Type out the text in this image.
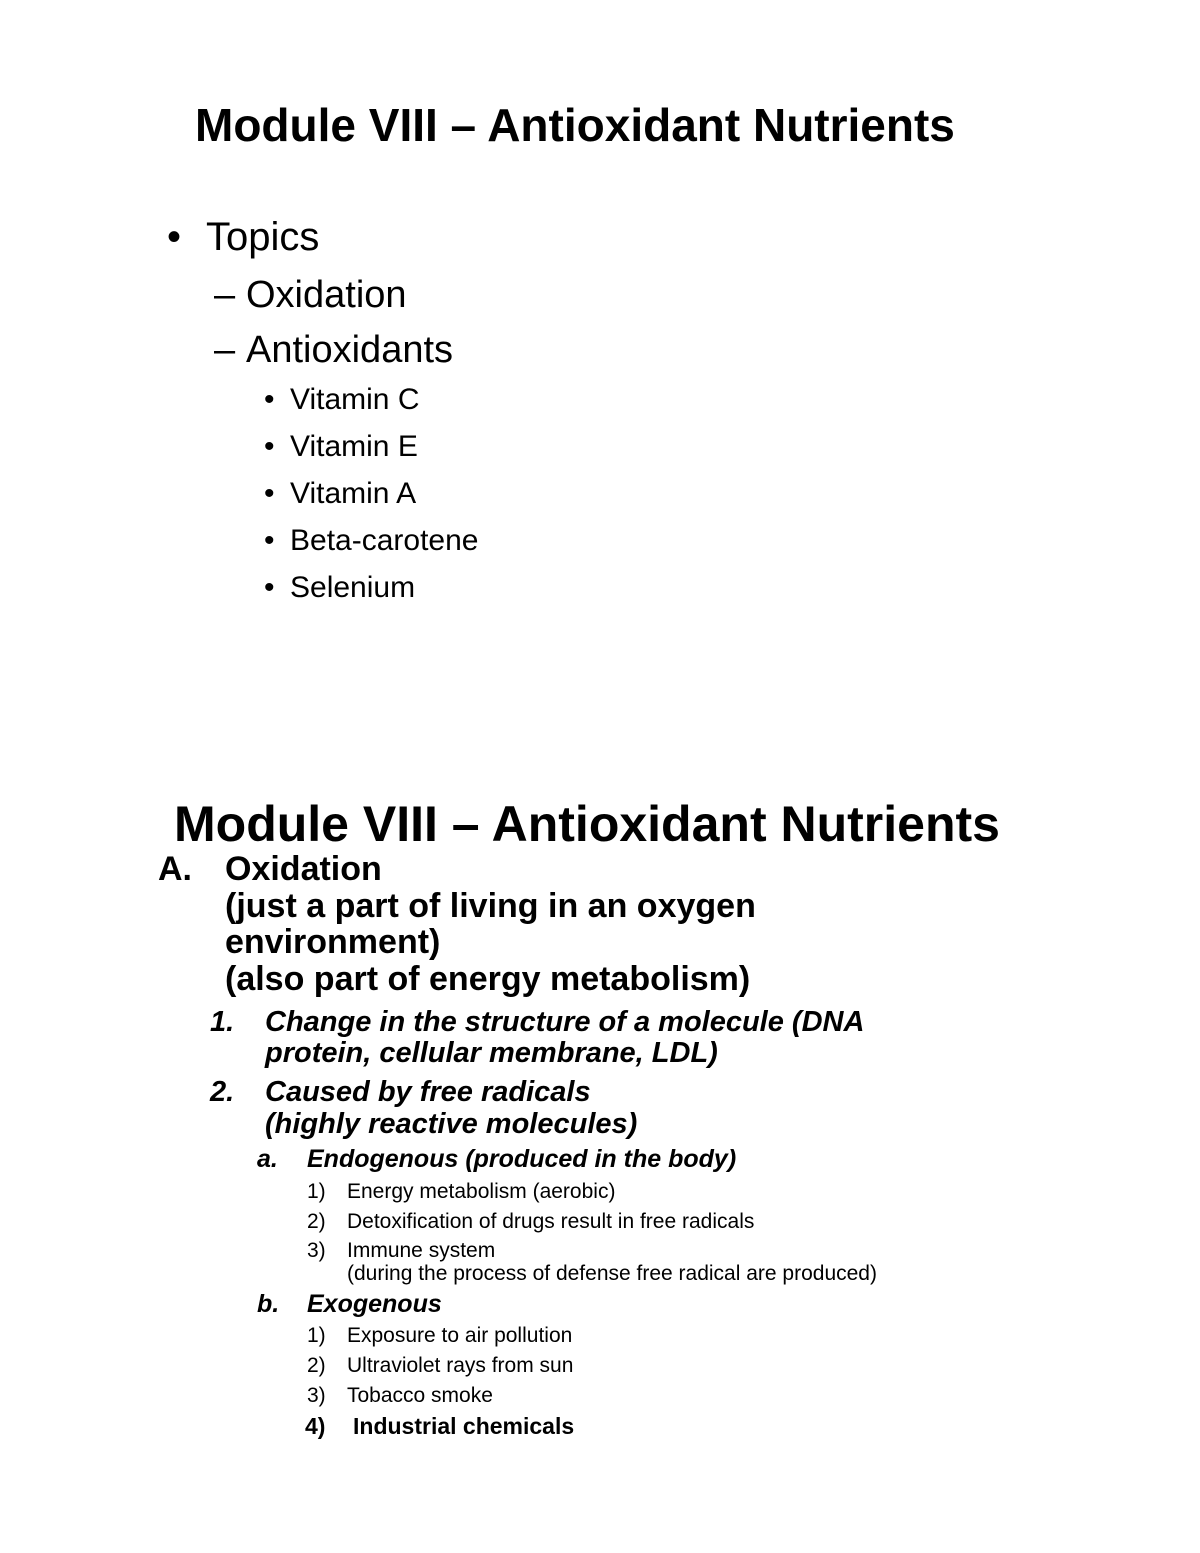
Module VIII – Antioxidant Nutrients
• Topics
– Oxidation
– Antioxidants
• Vitamin C
• Vitamin E
• Vitamin A
• Beta-carotene
• Selenium
Module VIII – Antioxidant Nutrients
A. Oxidation
(just a part of living in an oxygen
environment)
(also part of energy metabolism)
1. Change in the structure of a molecule (DNA
protein, cellular membrane, LDL)
2. Caused by free radicals
(highly reactive molecules)
a. Endogenous (produced in the body)
1) Energy metabolism (aerobic)
2) Detoxification of drugs result in free radicals
3) Immune system
(during the process of defense free radical are produced)
b. Exogenous
1) Exposure to air pollution
2) Ultraviolet rays from sun
3) Tobacco smoke
4) Industrial chemicals
